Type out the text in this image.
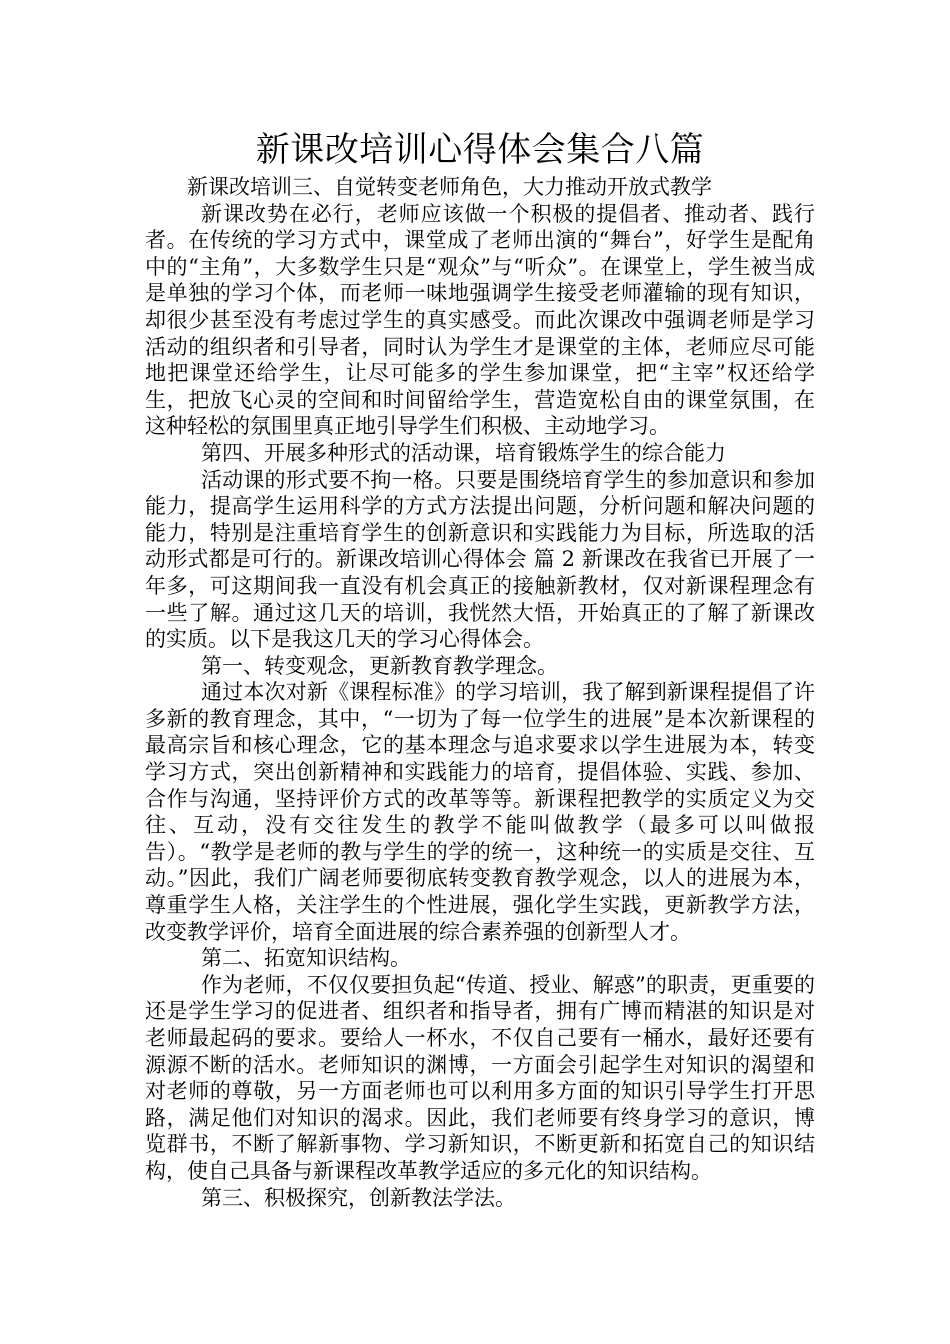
新课改培训心得体会集合八篇

新课改培训三、自觉转变老师角色，大力推动开放式教学

新课改势在必行，老师应该做一个积极的提倡者、推动者、践行者。在传统的学习方式中，课堂成了老师出演的“舞台”，好学生是配角中的“主角”，大多数学生只是“观众”与“听众”。在课堂上，学生被当成是单独的学习个体，而老师一味地强调学生接受老师灌输的现有知识，却很少甚至没有考虑过学生的真实感受。而此次课改中强调老师是学习活动的组织者和引导者，同时认为学生才是课堂的主体，老师应尽可能地把课堂还给学生，让尽可能多的学生参加课堂，把“主宰”权还给学生，把放飞心灵的空间和时间留给学生，营造宽松自由的课堂氛围，在这种轻松的氛围里真正地引导学生们积极、主动地学习。

第四、开展多种形式的活动课，培育锻炼学生的综合能力

活动课的形式要不拘一格。只要是围绕培育学生的参加意识和参加能力，提高学生运用科学的方式方法提出问题，分析问题和解决问题的能力，特别是注重培育学生的创新意识和实践能力为目标，所选取的活动形式都是可行的。新课改培训心得体会 篇 2 新课改在我省已开展了一年多，可这期间我一直没有机会真正的接触新教材，仅对新课程理念有一些了解。通过这几天的培训，我恍然大悟，开始真正的了解了新课改的实质。以下是我这几天的学习心得体会。

第一、转变观念，更新教育教学理念。

通过本次对新《课程标准》的学习培训，我了解到新课程提倡了许多新的教育理念，其中，“一切为了每一位学生的进展”是本次新课程的最高宗旨和核心理念，它的基本理念与追求要求以学生进展为本，转变学习方式，突出创新精神和实践能力的培育，提倡体验、实践、参加、合作与沟通，坚持评价方式的改革等等。新课程把教学的实质定义为交往、互动，没有交往发生的教学不能叫做教学（最多可以叫做报告）。“教学是老师的教与学生的学的统一，这种统一的实质是交往、互动。”因此，我们广阔老师要彻底转变教育教学观念，以人的进展为本，尊重学生人格，关注学生的个性进展，强化学生实践，更新教学方法，改变教学评价，培育全面进展的综合素养强的创新型人才。

第二、拓宽知识结构。

作为老师，不仅仅要担负起“传道、授业、解惑”的职责，更重要的还是学生学习的促进者、组织者和指导者，拥有广博而精湛的知识是对老师最起码的要求。要给人一杯水，不仅自己要有一桶水，最好还要有源源不断的活水。老师知识的渊博，一方面会引起学生对知识的渴望和对老师的尊敬，另一方面老师也可以利用多方面的知识引导学生打开思路，满足他们对知识的渴求。因此，我们老师要有终身学习的意识，博览群书，不断了解新事物、学习新知识，不断更新和拓宽自己的知识结构，使自己具备与新课程改革教学适应的多元化的知识结构。

第三、积极探究，创新教法学法。
